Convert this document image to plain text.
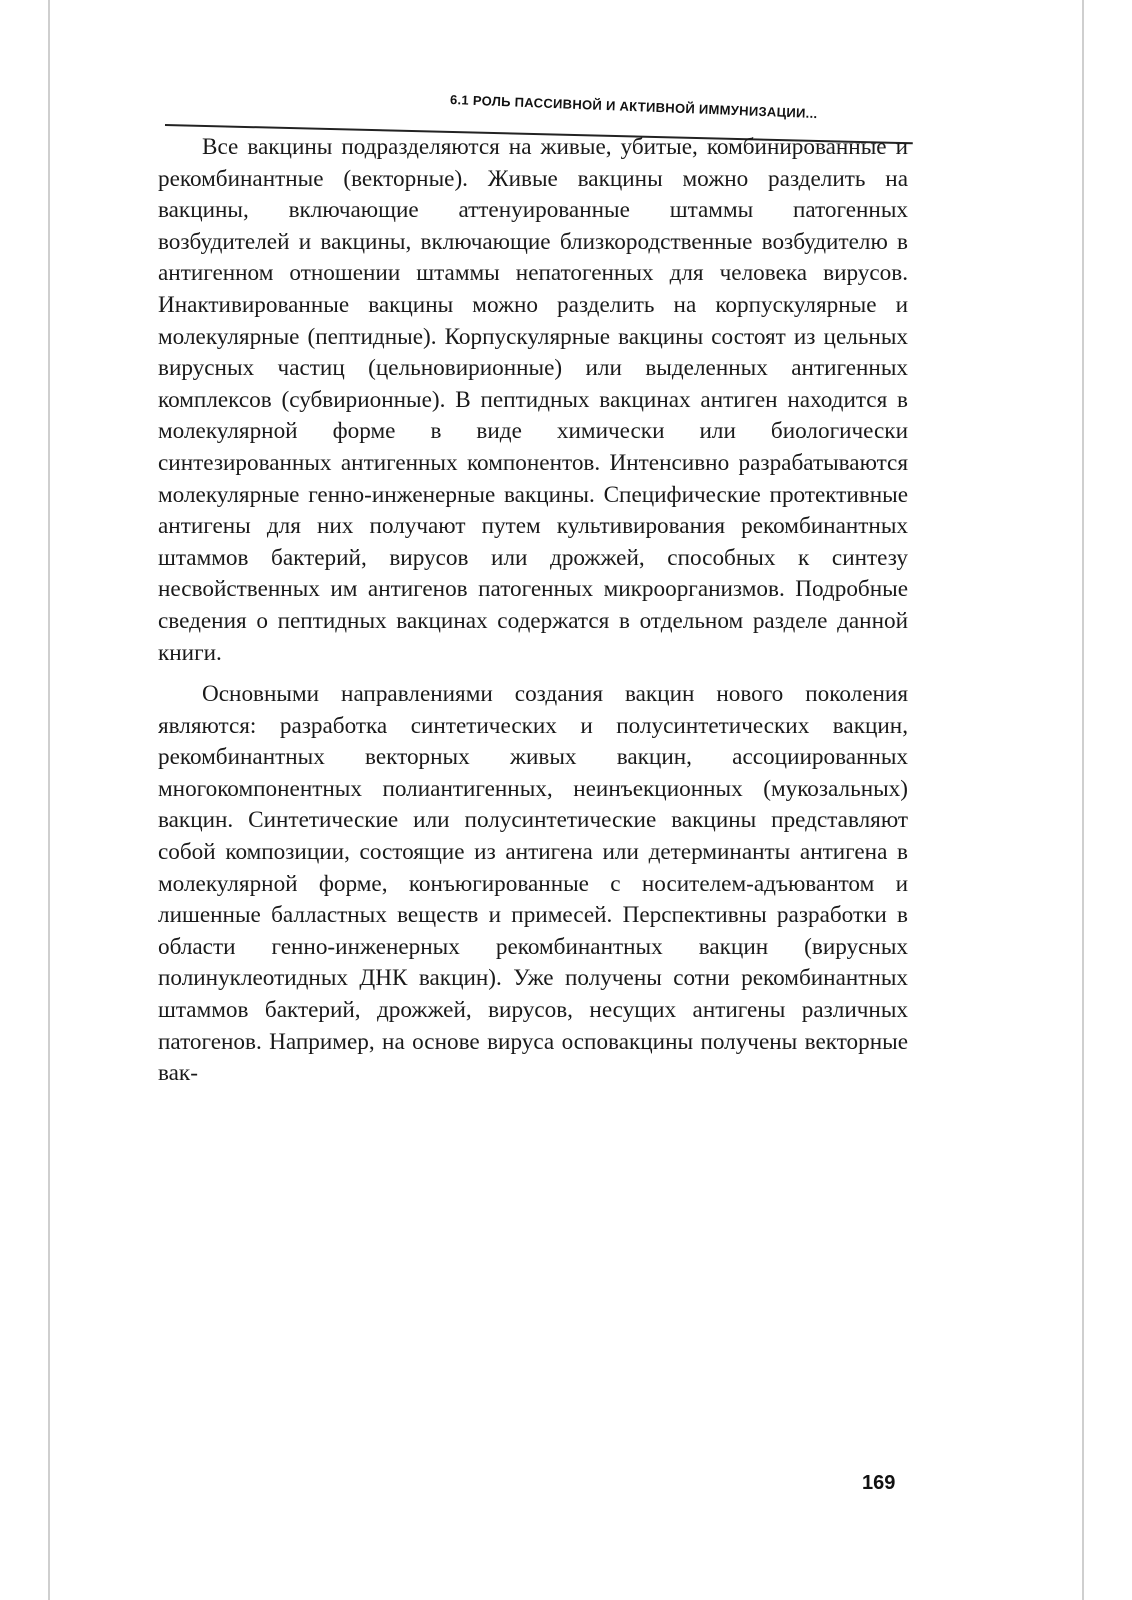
6.1 РОЛЬ ПАССИВНОЙ И АКТИВНОЙ ИММУНИЗАЦИИ...

Все вакцины подразделяются на живые, убитые, комбинированные и рекомбинантные (векторные). Живые вакцины можно разделить на вакцины, включающие аттенуированные штаммы патогенных возбудителей и вакцины, включающие близкородственные возбудителю в антигенном отношении штаммы непатогенных для человека вирусов. Инактивированные вакцины можно разделить на корпускулярные и молекулярные (пептидные). Корпускулярные вакцины состоят из цельных вирусных частиц (цельновирионные) или выделенных антигенных комплексов (субвирионные). В пептидных вакцинах антиген находится в молекулярной форме в виде химически или биологически синтезированных антигенных компонентов. Интенсивно разрабатываются молекулярные генно-инженерные вакцины. Специфические протективные антигены для них получают путем культивирования рекомбинантных штаммов бактерий, вирусов или дрожжей, способных к синтезу несвойственных им антигенов патогенных микроорганизмов. Подробные сведения о пептидных вакцинах содержатся в отдельном разделе данной книги.

Основными направлениями создания вакцин нового поколения являются: разработка синтетических и полусинтетических вакцин, рекомбинантных векторных живых вакцин, ассоциированных многокомпонентных полиантигенных, неинъекционных (мукозальных) вакцин. Синтетические или полусинтетические вакцины представляют собой композиции, состоящие из антигена или детерминанты антигена в молекулярной форме, конъюгированные с носителем-адъювантом и лишенные балластных веществ и примесей. Перспективны разработки в области генно-инженерных рекомбинантных вакцин (вирусных полинуклеотидных ДНК вакцин). Уже получены сотни рекомбинантных штаммов бактерий, дрожжей, вирусов, несущих антигены различных патогенов. Например, на основе вируса осповакцины получены векторные вак-

169
